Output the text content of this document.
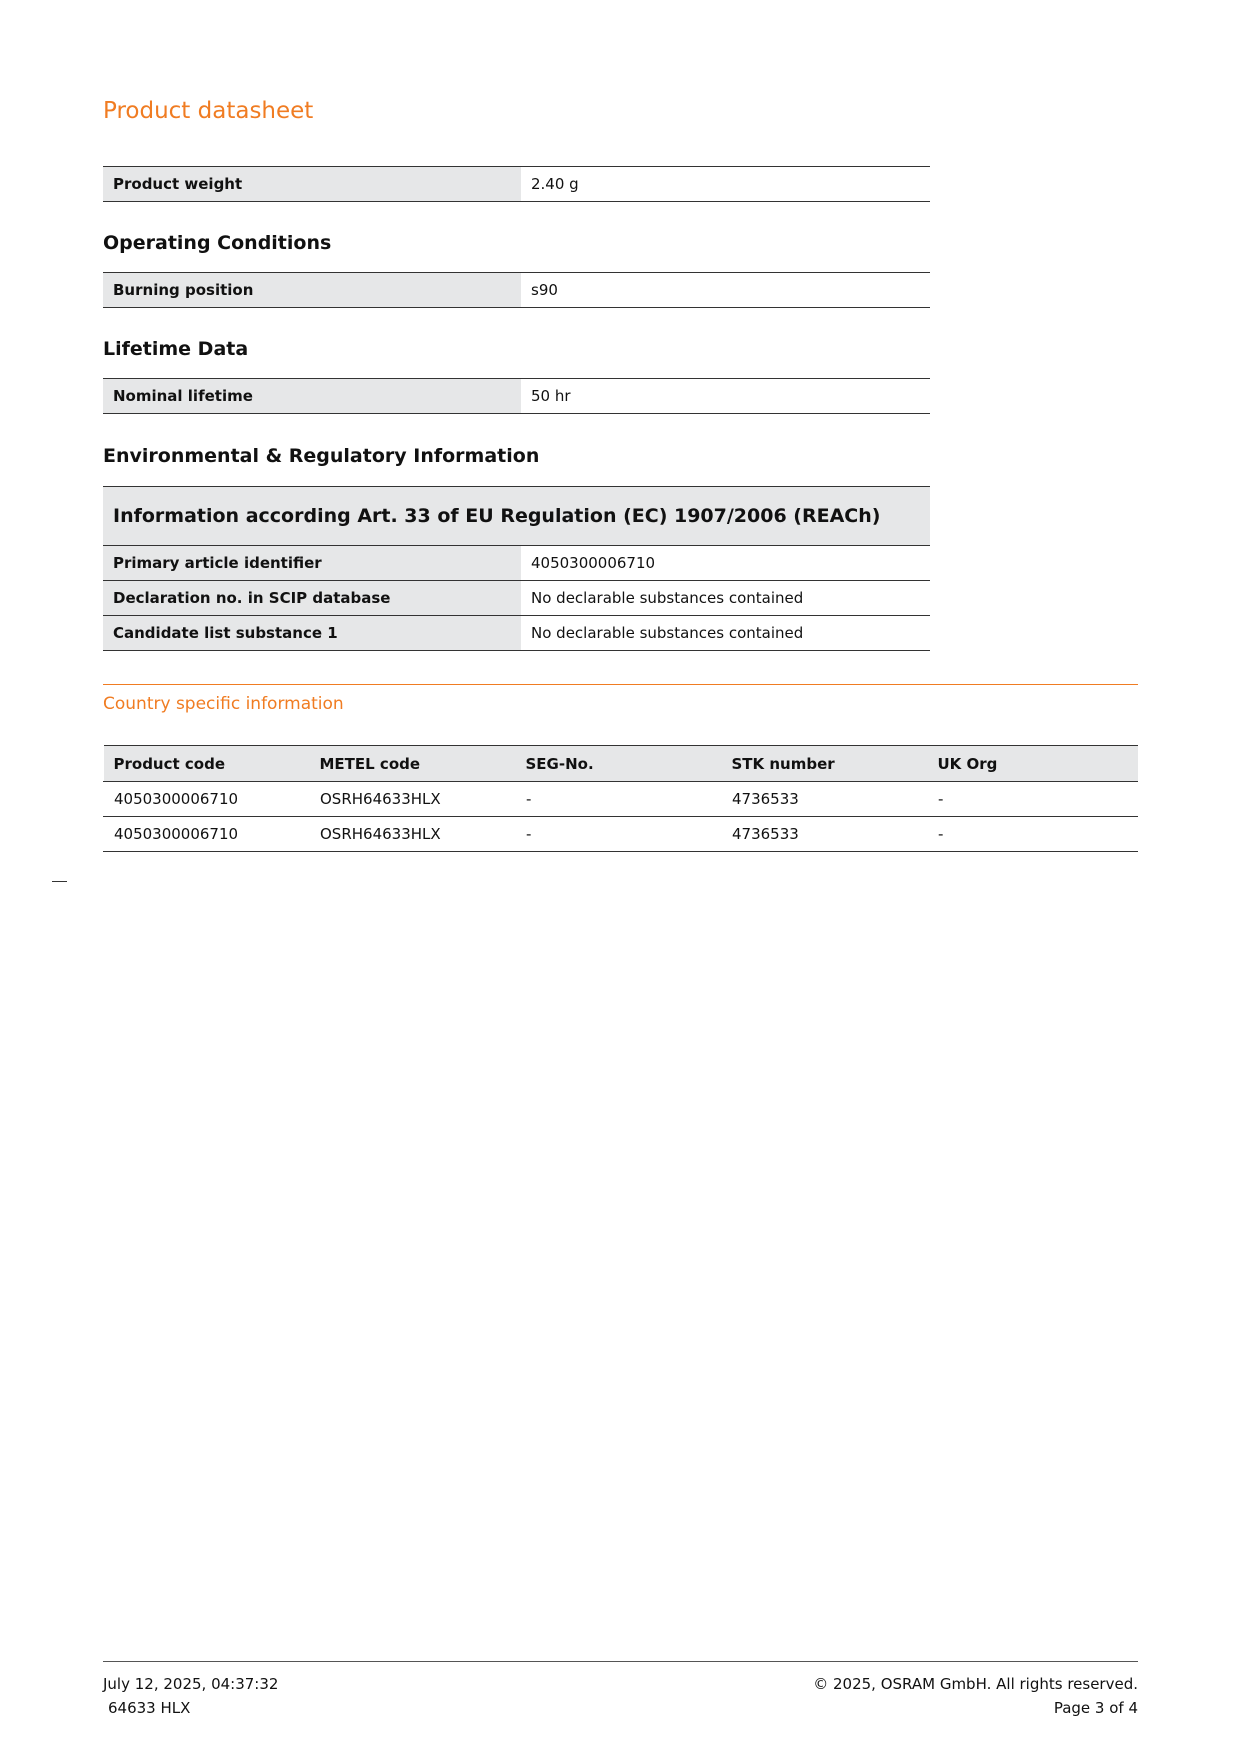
Product datasheet
Product weight	2.40 g
Operating Conditions
Burning position	s90
Lifetime Data
Nominal lifetime	50 hr
Environmental & Regulatory Information
Information according Art. 33 of EU Regulation (EC) 1907/2006 (REACh)
Primary article identifier	4050300006710
Declaration no. in SCIP database	No declarable substances contained
Candidate list substance 1	No declarable substances contained
Country specific information
Product code	METEL code	SEG-No.	STK number	UK Org
4050300006710	OSRH64633HLX	-	4736533	-
4050300006710	OSRH64633HLX	-	4736533	-
July 12, 2025, 04:37:32
64633 HLX
© 2025, OSRAM GmbH. All rights reserved.
Page 3 of 4
